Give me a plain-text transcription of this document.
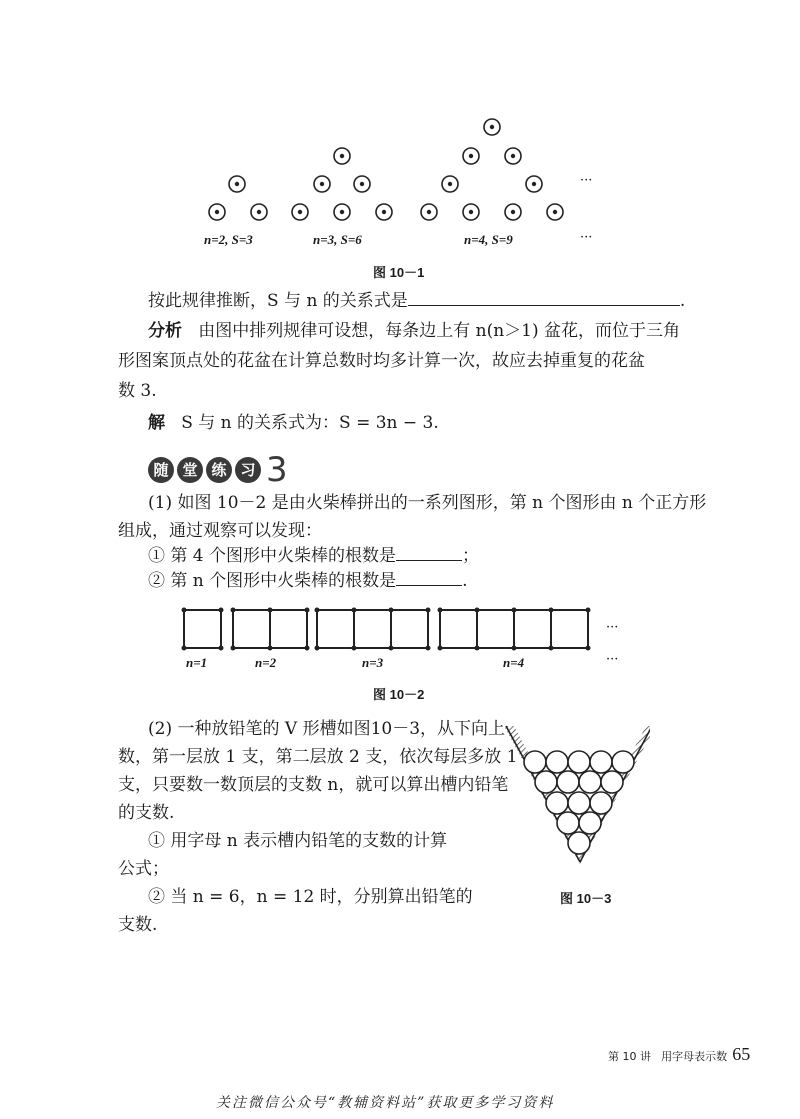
···
n=2, S=3	n=3, S=6	n=4, S=9	···
图 10－1
按此规律推断，S 与 n 的关系式是	.
分析 由图中排列规律可设想，每条边上有 n(n＞1) 盆花，而位于三角
形图案顶点处的花盆在计算总数时均多计算一次，故应去掉重复的花盆
数 3.
解 S 与 n 的关系式为：S = 3n − 3.
随 堂 练 习 3
(1) 如图 10－2 是由火柴棒拼出的一系列图形，第 n 个图形由 n 个正方形
组成，通过观察可以发现：
① 第 4 个图形中火柴棒的根数是	；
② 第 n 个图形中火柴棒的根数是	.
···
n=1	n=2	n=3	n=4	···
图 10－2
(2) 一种放铅笔的 V 形槽如图10－3，从下向上
数，第一层放 1 支，第二层放 2 支，依次每层多放 1
支，只要数一数顶层的支数 n，就可以算出槽内铅笔
的支数.
① 用字母 n 表示槽内铅笔的支数的计算
公式；
② 当 n = 6，n = 12 时，分别算出铅笔的
支数.
图 10－3
第 10 讲 用字母表示数 65
关注微信公众号“教辅资料站”获取更多学习资料
